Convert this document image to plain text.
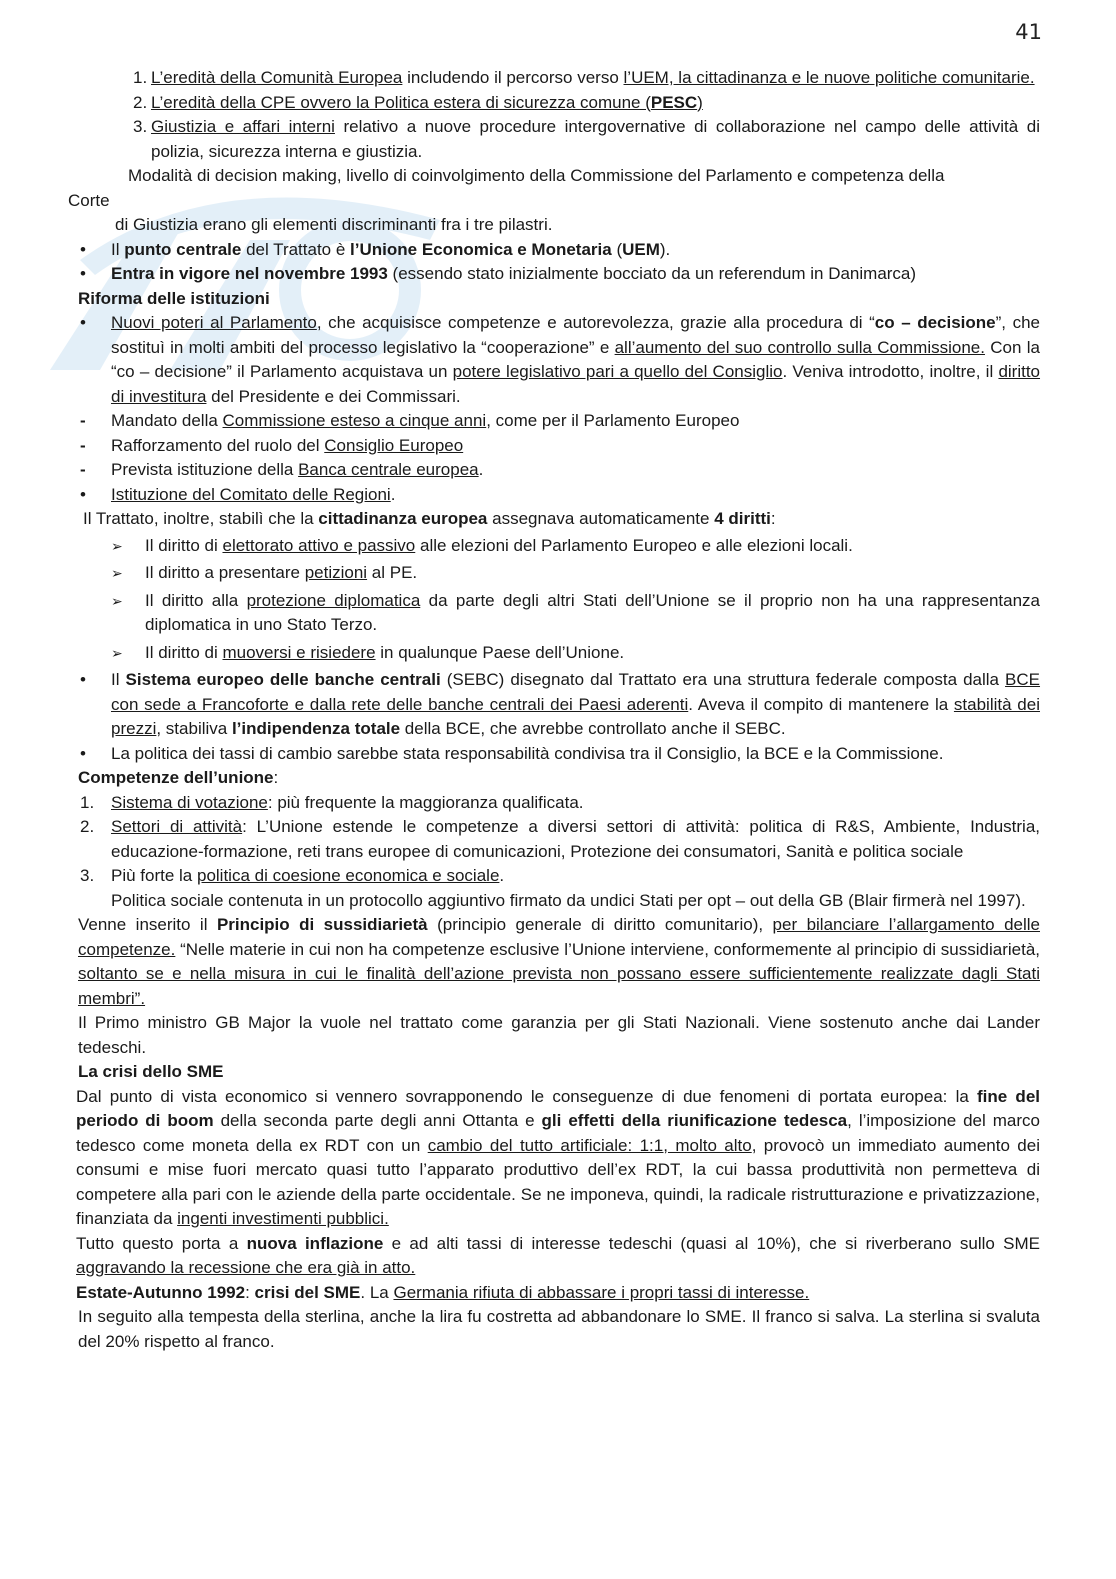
41
1. L’eredità della Comunità Europea includendo il percorso verso l’UEM, la cittadinanza e le nuove politiche comunitarie.
2. L’eredità della CPE ovvero la Politica estera di sicurezza comune (PESC)
3. Giustizia e affari interni relativo a nuove procedure intergovernative di collaborazione nel campo delle attività di polizia, sicurezza interna e giustizia.

Modalità di decision making, livello di coinvolgimento della Commissione del Parlamento e competenza della

Corte

di Giustizia erano gli elementi discriminanti fra i tre pilastri.

• Il punto centrale del Trattato è l’Unione Economica e Monetaria (UEM).
• Entra in vigore nel novembre 1993 (essendo stato inizialmente bocciato da un referendum in Danimarca)

Riforma delle istituzioni

• Nuovi poteri al Parlamento, che acquisisce competenze e autorevolezza, grazie alla procedura di “co – decisione”, che sostituì in molti ambiti del processo legislativo la “cooperazione” e all’aumento del suo controllo sulla Commissione. Con la “co – decisione” il Parlamento acquistava un potere legislativo pari a quello del Consiglio. Veniva introdotto, inoltre, il diritto di investitura del Presidente e dei Commissari.
- Mandato della Commissione esteso a cinque anni, come per il Parlamento Europeo
- Rafforzamento del ruolo del Consiglio Europeo
- Prevista istituzione della Banca centrale europea.
• Istituzione del Comitato delle Regioni.

Il Trattato, inoltre, stabilì che la cittadinanza europea assegnava automaticamente 4 diritti:

➢ Il diritto di elettorato attivo e passivo alle elezioni del Parlamento Europeo e alle elezioni locali.
➢ Il diritto a presentare petizioni al PE.
➢ Il diritto alla protezione diplomatica da parte degli altri Stati dell’Unione se il proprio non ha una rappresentanza diplomatica in uno Stato Terzo.
➢ Il diritto di muoversi e risiedere in qualunque Paese dell’Unione.
• Il Sistema europeo delle banche centrali (SEBC) disegnato dal Trattato era una struttura federale composta dalla BCE con sede a Francoforte e dalla rete delle banche centrali dei Paesi aderenti. Aveva il compito di mantenere la stabilità dei prezzi, stabiliva l’indipendenza totale della BCE, che avrebbe controllato anche il SEBC.
• La politica dei tassi di cambio sarebbe stata responsabilità condivisa tra il Consiglio, la BCE e la Commissione.

Competenze dell’unione:

1. Sistema di votazione: più frequente la maggioranza qualificata.
2. Settori di attività: L’Unione estende le competenze a diversi settori di attività: politica di R&S, Ambiente, Industria, educazione-formazione, reti trans europee di comunicazioni, Protezione dei consumatori, Sanità e politica sociale
3. Più forte la politica di coesione economica e sociale.

Politica sociale contenuta in un protocollo aggiuntivo firmato da undici Stati per opt – out della GB (Blair firmerà nel 1997).

Venne inserito il Principio di sussidiarietà (principio generale di diritto comunitario), per bilanciare l’allargamento delle competenze. “Nelle materie in cui non ha competenze esclusive l’Unione interviene, conformemente al principio di sussidiarietà, soltanto se e nella misura in cui le finalità dell’azione prevista non possano essere sufficientemente realizzate dagli Stati membri”.

Il Primo ministro GB Major la vuole nel trattato come garanzia per gli Stati Nazionali. Viene sostenuto anche dai Lander tedeschi.

La crisi dello SME

Dal punto di vista economico si vennero sovrapponendo le conseguenze di due fenomeni di portata europea: la fine del periodo di boom della seconda parte degli anni Ottanta e gli effetti della riunificazione tedesca, l’imposizione del marco tedesco come moneta della ex RDT con un cambio del tutto artificiale: 1:1, molto alto, provocò un immediato aumento dei consumi e mise fuori mercato quasi tutto l’apparato produttivo dell’ex RDT, la cui bassa produttività non permetteva di competere alla pari con le aziende della parte occidentale. Se ne imponeva, quindi, la radicale ristrutturazione e privatizzazione, finanziata da ingenti investimenti pubblici.

Tutto questo porta a nuova inflazione e ad alti tassi di interesse tedeschi (quasi al 10%), che si riverberano sullo SME aggravando la recessione che era già in atto.

Estate-Autunno 1992: crisi del SME. La Germania rifiuta di abbassare i propri tassi di interesse.

In seguito alla tempesta della sterlina, anche la lira fu costretta ad abbandonare lo SME. Il franco si salva. La sterlina si svaluta del 20% rispetto al franco.
